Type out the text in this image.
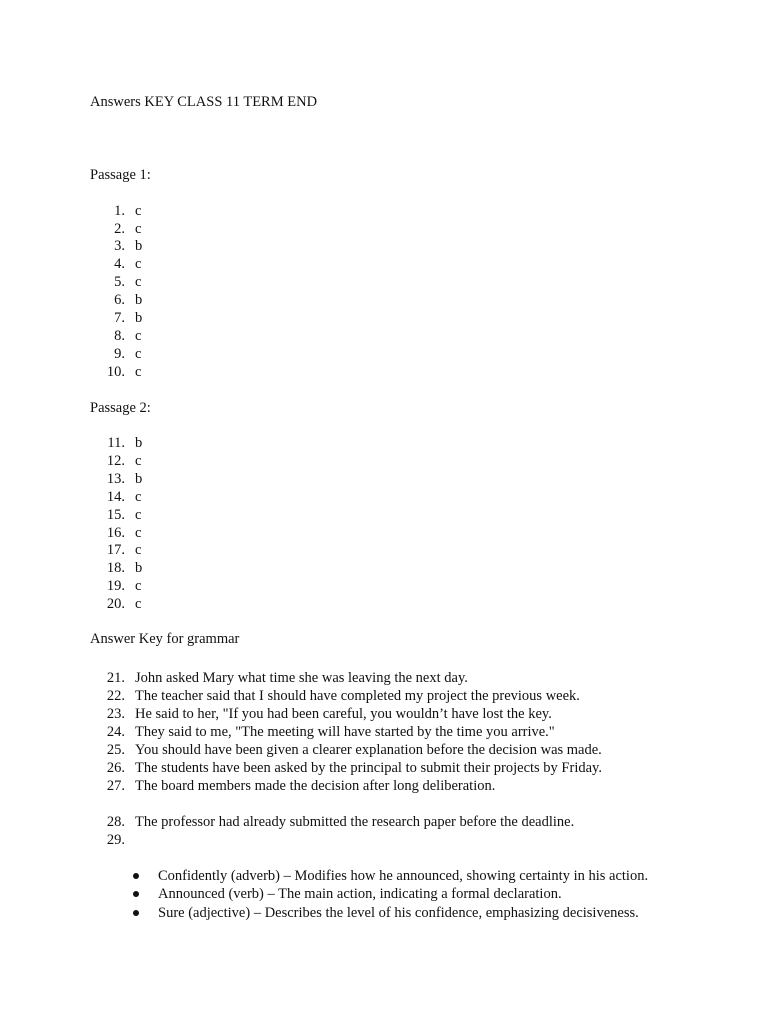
Answers KEY CLASS 11 TERM END
Passage 1:
1. c
2. c
3. b
4. c
5. c
6. b
7. b
8. c
9. c
10. c
Passage 2:
11. b
12. c
13. b
14. c
15. c
16. c
17. c
18. b
19. c
20. c
Answer Key for grammar
21. John asked Mary what time she was leaving the next day.
22. The teacher said that I should have completed my project the previous week.
23. He said to her, "If you had been careful, you wouldn’t have lost the key.
24. They said to me, "The meeting will have started by the time you arrive."
25. You should have been given a clearer explanation before the decision was made.
26. The students have been asked by the principal to submit their projects by Friday.
27. The board members made the decision after long deliberation.
28. The professor had already submitted the research paper before the deadline.
29.
Confidently (adverb) – Modifies how he announced, showing certainty in his action.
Announced (verb) – The main action, indicating a formal declaration.
Sure (adjective) – Describes the level of his confidence, emphasizing decisiveness.
